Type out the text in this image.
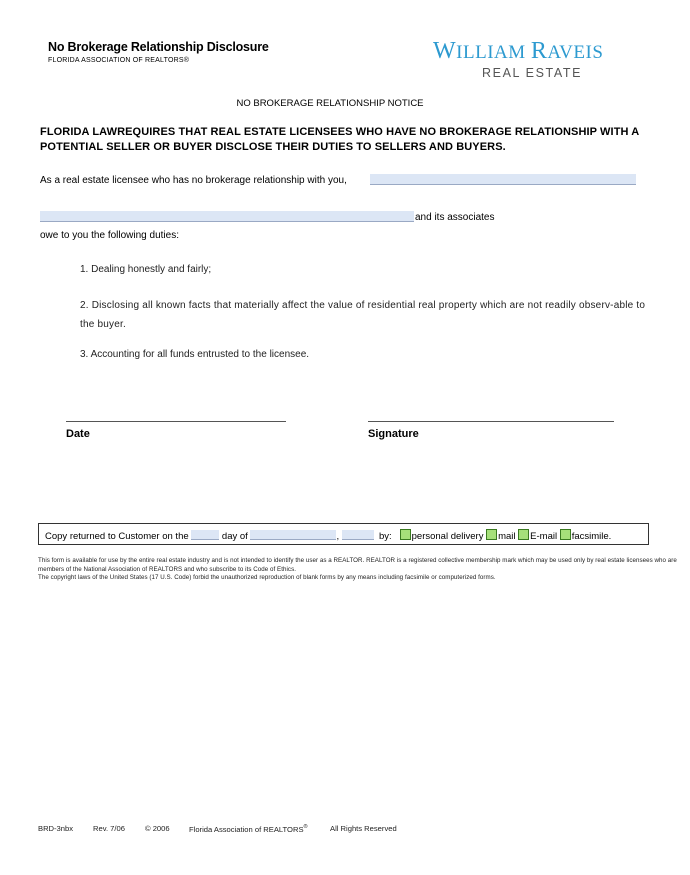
No Brokerage Relationship Disclosure
FLORIDA ASSOCIATION OF REALTORS®	WILLIAM RAVEIS
REAL ESTATE
NO BROKERAGE RELATIONSHIP NOTICE
FLORIDA LAWREQUIRES THAT REAL ESTATE LICENSEES WHO HAVE NO BROKERAGE RELATIONSHIP WITH A POTENTIAL SELLER OR BUYER DISCLOSE THEIR DUTIES TO SELLERS AND BUYERS.
As a real estate licensee who has no brokerage relationship with you,
and its associates
owe to you the following duties:
1. Dealing honestly and fairly;
2. Disclosing all known facts that materially affect the value of residential real property which are not readily observ-able to the buyer.
3. Accounting for all funds entrusted to the licensee.
Date	Signature
Copy returned to Customer on the	day of	,	by: personal delivery mail E-mail facsimile.
This form is available for use by the entire real estate industry and is not intended to identify the user as a REALTOR. REALTOR is a registered collective membership mark which may be used only by real estate licensees who are members of the National Association of REALTORS and who subscribe to its Code of Ethics.
The copyright laws of the United States (17 U.S. Code) forbid the unauthorized reproduction of blank forms by any means including facsimile or computerized forms.
BRD-3nbx	Rev. 7/06	© 2006	Florida Association of REALTORS®	All Rights Reserved
